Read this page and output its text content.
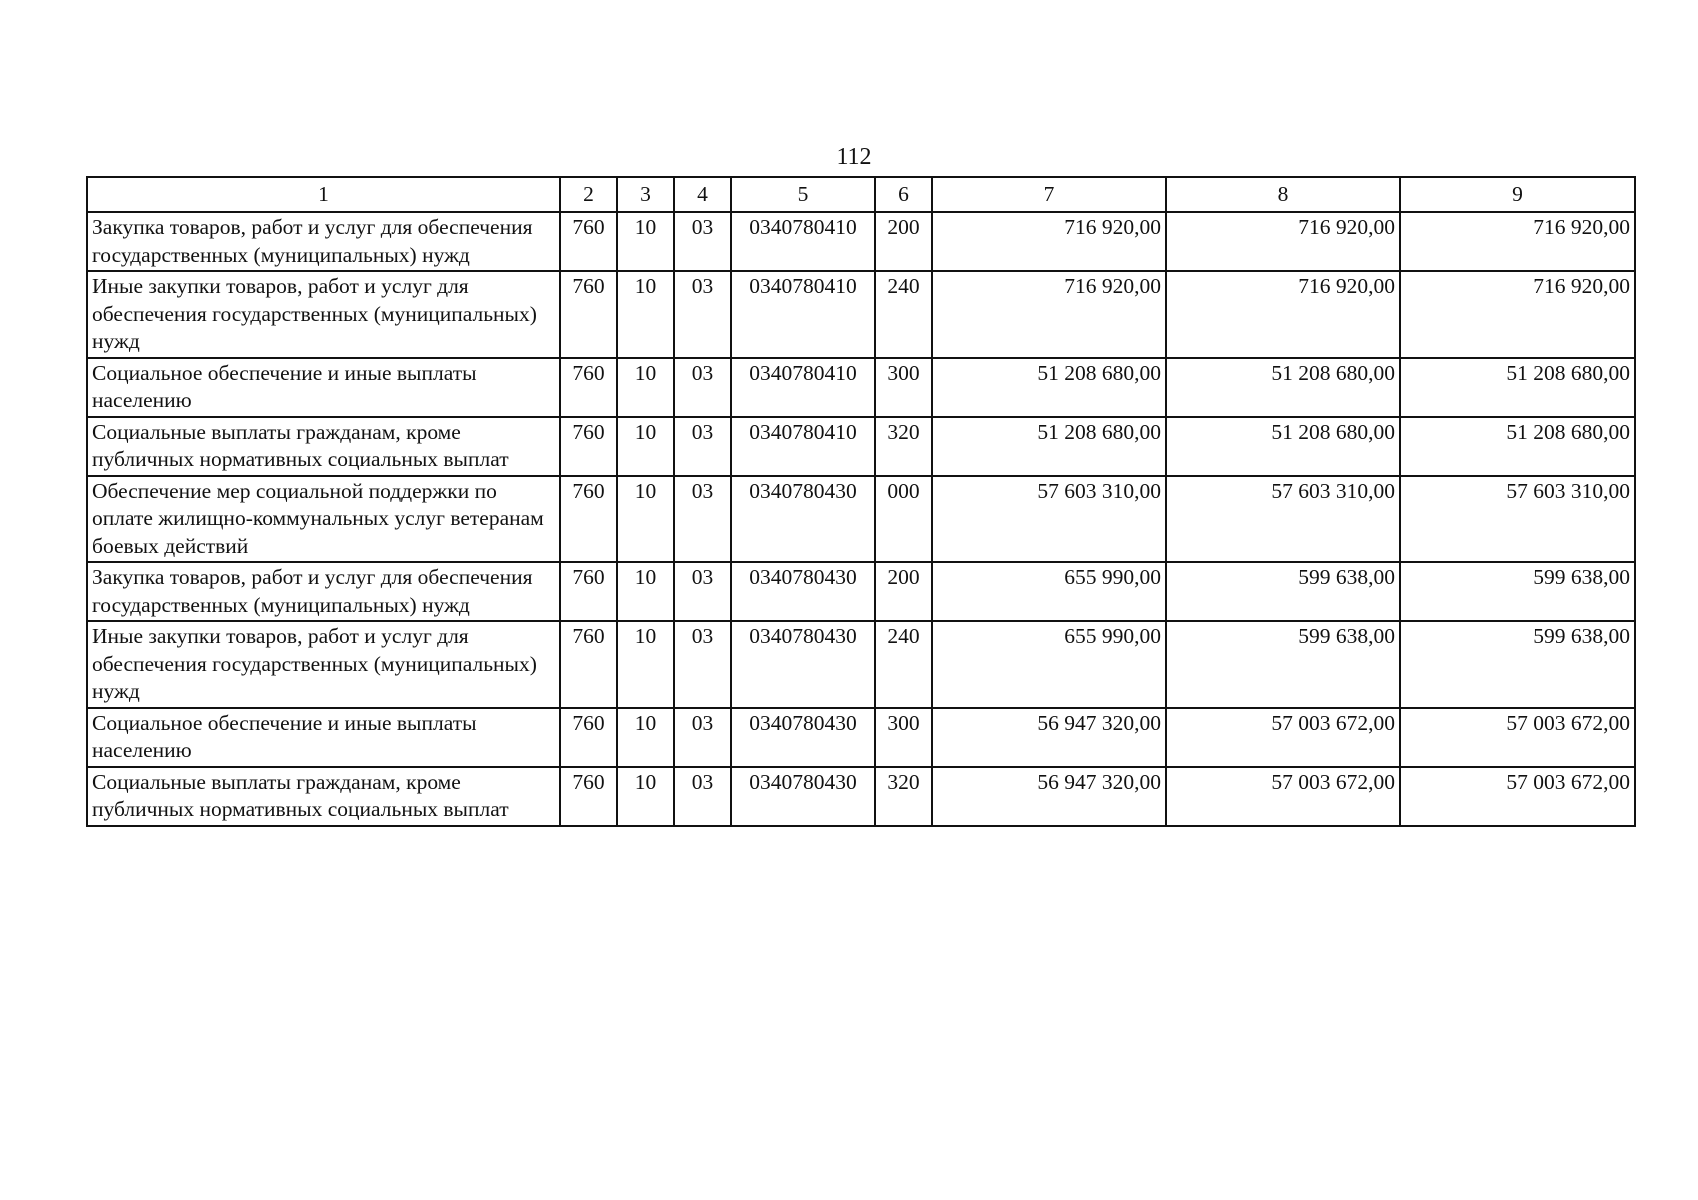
112
1	2	3	4	5	6	7	8	9
Закупка товаров, работ и услуг для обеспечения государственных (муниципальных) нужд	760	10	03	0340780410	200	716 920,00	716 920,00	716 920,00
Иные закупки товаров, работ и услуг для обеспечения государственных (муниципальных) нужд	760	10	03	0340780410	240	716 920,00	716 920,00	716 920,00
Социальное обеспечение и иные выплаты населению	760	10	03	0340780410	300	51 208 680,00	51 208 680,00	51 208 680,00
Социальные выплаты гражданам, кроме публичных нормативных социальных выплат	760	10	03	0340780410	320	51 208 680,00	51 208 680,00	51 208 680,00
Обеспечение мер социальной поддержки по оплате жилищно-коммунальных услуг ветеранам боевых действий	760	10	03	0340780430	000	57 603 310,00	57 603 310,00	57 603 310,00
Закупка товаров, работ и услуг для обеспечения государственных (муниципальных) нужд	760	10	03	0340780430	200	655 990,00	599 638,00	599 638,00
Иные закупки товаров, работ и услуг для обеспечения государственных (муниципальных) нужд	760	10	03	0340780430	240	655 990,00	599 638,00	599 638,00
Социальное обеспечение и иные выплаты населению	760	10	03	0340780430	300	56 947 320,00	57 003 672,00	57 003 672,00
Социальные выплаты гражданам, кроме публичных нормативных социальных выплат	760	10	03	0340780430	320	56 947 320,00	57 003 672,00	57 003 672,00
